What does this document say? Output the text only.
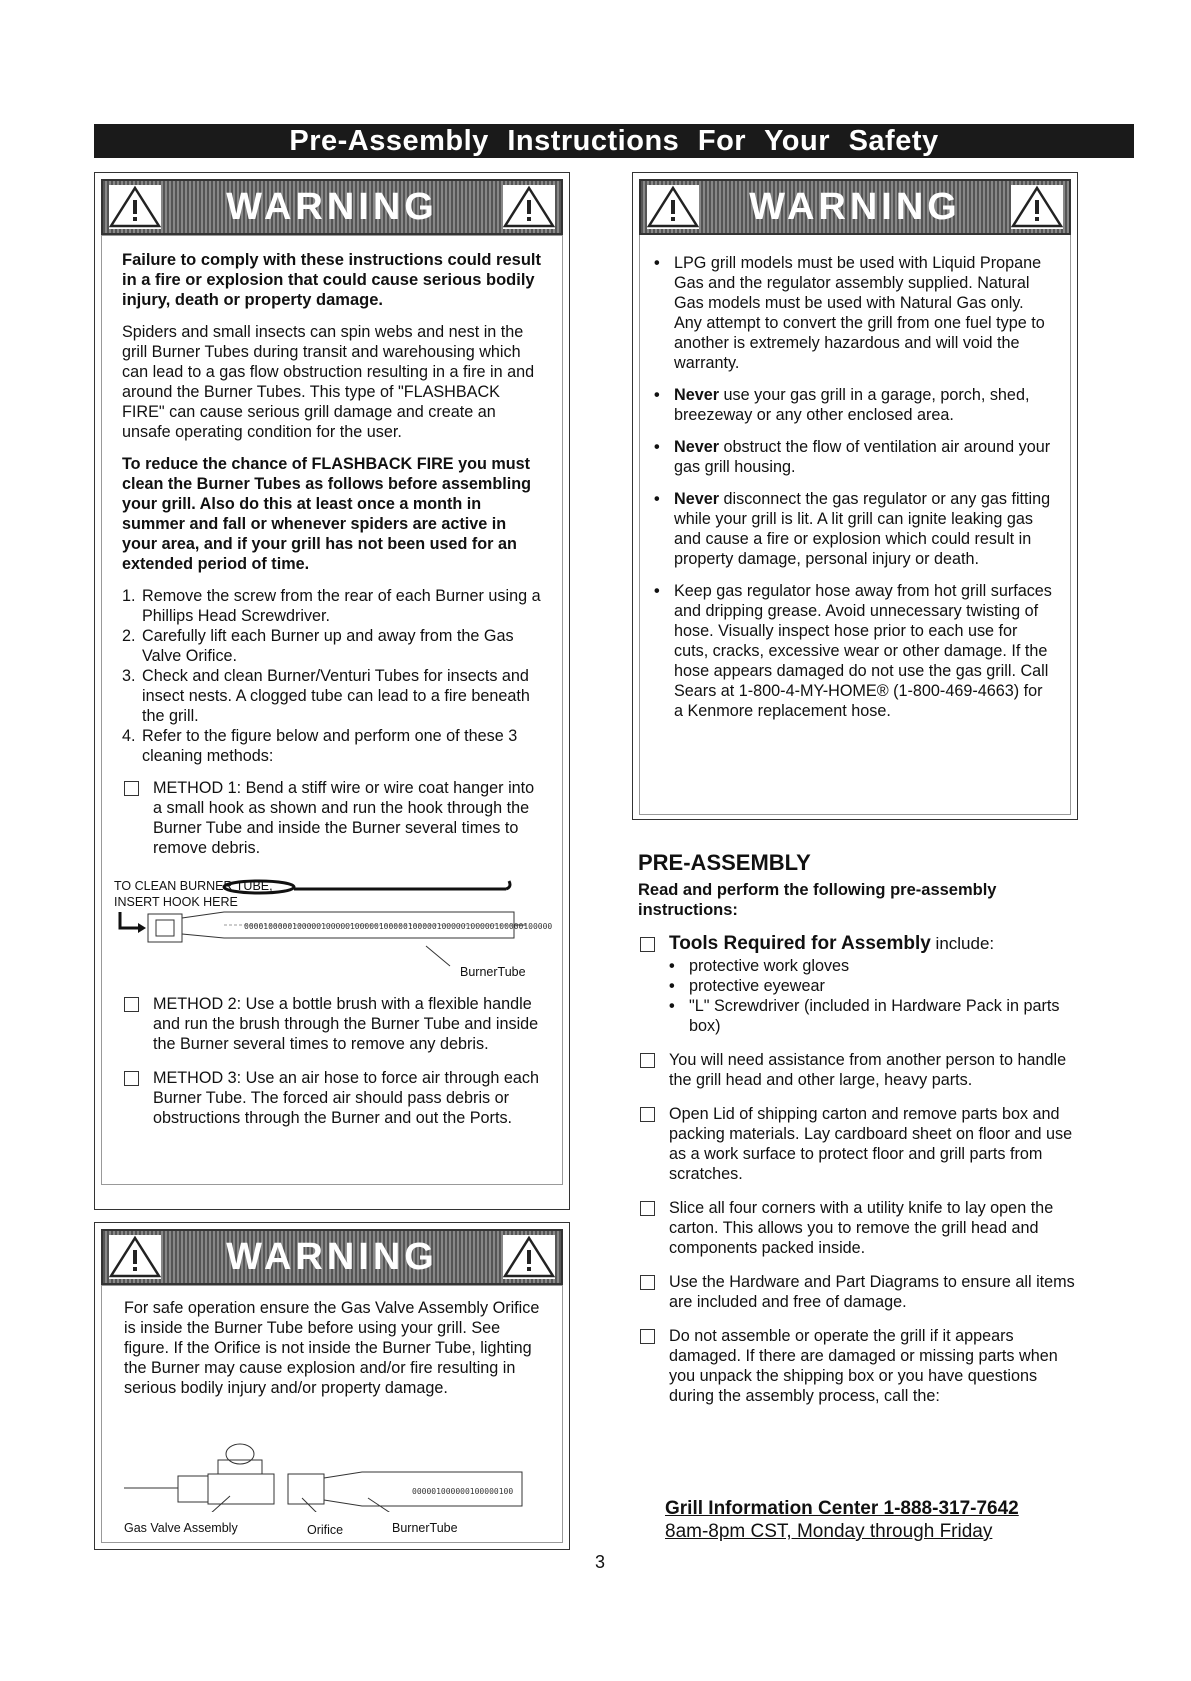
Pre-Assembly Instructions For Your Safety
WARNING

Failure to comply with these instructions could result in a fire or explosion that could cause serious bodily injury, death or property damage.

Spiders and small insects can spin webs and nest in the grill Burner Tubes during transit and warehousing which can lead to a gas flow obstruction resulting in a fire in and around the Burner Tubes. This type of "FLASHBACK FIRE" can cause serious grill damage and create an unsafe operating condition for the user.

To reduce the chance of FLASHBACK FIRE you must clean the Burner Tubes as follows before assembling your grill. Also do this at least once a month in summer and fall or whenever spiders are active in your area, and if your grill has not been used for an extended period of time.

1. Remove the screw from the rear of each Burner using a Phillips Head Screwdriver.
2. Carefully lift each Burner up and away from the Gas Valve Orifice.
3. Check and clean Burner/Venturi Tubes for insects and insect nests. A clogged tube can lead to a fire beneath the grill.
4. Refer to the figure below and perform one of these 3 cleaning methods:
METHOD 1: Bend a stiff wire or wire coat hanger into a small hook as shown and run the hook through the Burner Tube and inside the Burner several times to remove debris.
TO CLEAN BURNER TUBE,
INSERT HOOK HERE
0000100000100000100000100000100000100000100000100000100000100000
BurnerTube
METHOD 2: Use a bottle brush with a flexible handle and run the brush through the Burner Tube and inside the Burner several times to remove any debris.
METHOD 3: Use an air hose to force air through each Burner Tube. The forced air should pass debris or obstructions through the Burner and out the Ports.
WARNING

For safe operation ensure the Gas Valve Assembly Orifice is inside the Burner Tube before using your grill. See figure. If the Orifice is not inside the Burner Tube, lighting the Burner may cause explosion and/or fire resulting in serious bodily injury and/or property damage.

000001000000100000100
Gas Valve Assembly	Orifice	BurnerTube
WARNING
• LPG grill models must be used with Liquid Propane Gas and the regulator assembly supplied. Natural Gas models must be used with Natural Gas only. Any attempt to convert the grill from one fuel type to another is extremely hazardous and will void the warranty.
• Never use your gas grill in a garage, porch, shed, breezeway or any other enclosed area.
• Never obstruct the flow of ventilation air around your gas grill housing.
• Never disconnect the gas regulator or any gas fitting while your grill is lit. A lit grill can ignite leaking gas and cause a fire or explosion which could result in property damage, personal injury or death.
• Keep gas regulator hose away from hot grill surfaces and dripping grease. Avoid unnecessary twisting of hose. Visually inspect hose prior to each use for cuts, cracks, excessive wear or other damage. If the hose appears damaged do not use the gas grill. Call Sears at 1-800-4-MY-HOME® (1-800-469-4663) for a Kenmore replacement hose.
PRE-ASSEMBLY
Read and perform the following pre-assembly instructions:
Tools Required for Assembly include:
• protective work gloves
• protective eyewear
• "L" Screwdriver (included in Hardware Pack in parts box)
You will need assistance from another person to handle the grill head and other large, heavy parts.
Open Lid of shipping carton and remove parts box and packing materials. Lay cardboard sheet on floor and use as a work surface to protect floor and grill parts from scratches.
Slice all four corners with a utility knife to lay open the carton. This allows you to remove the grill head and components packed inside.
Use the Hardware and Part Diagrams to ensure all items are included and free of damage.
Do not assemble or operate the grill if it appears damaged. If there are damaged or missing parts when you unpack the shipping box or you have questions during the assembly process, call the:
Grill Information Center 1-888-317-7642
8am-8pm CST, Monday through Friday
3
